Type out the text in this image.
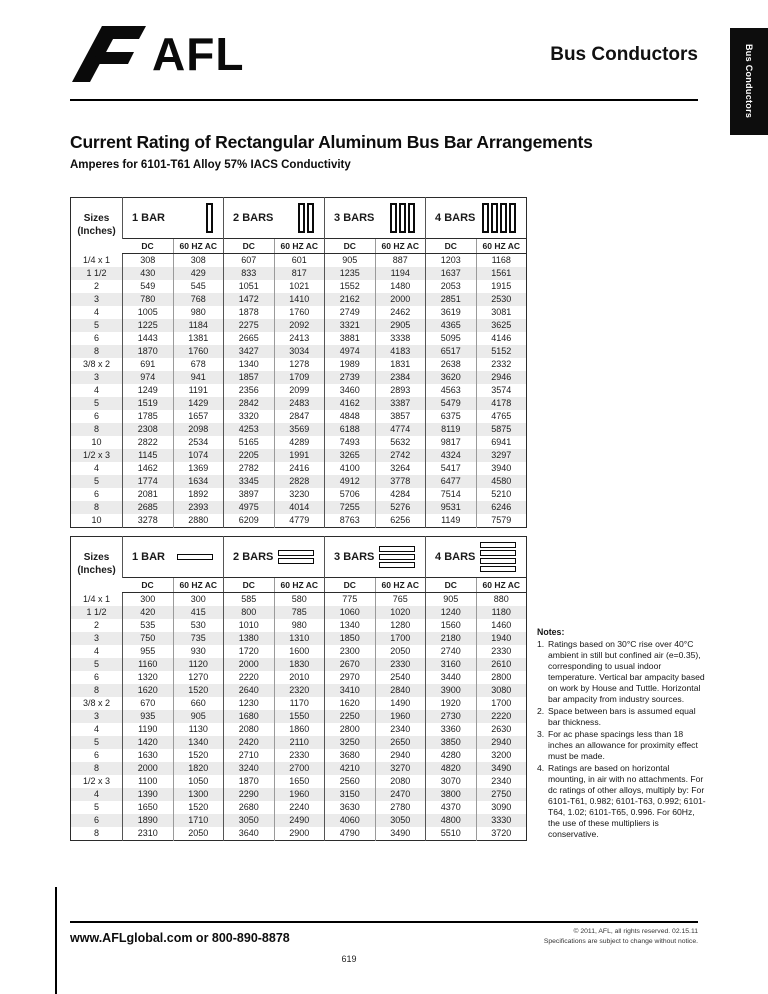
AFL	Bus Conductors	Bus Conductors
Current Rating of Rectangular Aluminum Bus Bar Arrangements
Amperes for 6101-T61 Alloy 57% IACS Conductivity
Sizes
(Inches)	1 BAR		2 BARS		3 BARS		4 BARS	

	DC	60 HZ AC	DC	60 HZ AC	DC	60 HZ AC	DC	60 HZ AC
1/4 x 1	308	308	607	601	905	887	1203	1168
1 1/2	430	429	833	817	1235	1194	1637	1561
2	549	545	1051	1021	1552	1480	2053	1915
3	780	768	1472	1410	2162	2000	2851	2530
4	1005	980	1878	1760	2749	2462	3619	3081
5	1225	1184	2275	2092	3321	2905	4365	3625
6	1443	1381	2665	2413	3881	3338	5095	4146
8	1870	1760	3427	3034	4974	4183	6517	5152
3/8 x 2	691	678	1340	1278	1989	1831	2638	2332
3	974	941	1857	1709	2739	2384	3620	2946
4	1249	1191	2356	2099	3460	2893	4563	3574
5	1519	1429	2842	2483	4162	3387	5479	4178
6	1785	1657	3320	2847	4848	3857	6375	4765
8	2308	2098	4253	3569	6188	4774	8119	5875
10	2822	2534	5165	4289	7493	5632	9817	6941
1/2 x 3	1145	1074	2205	1991	3265	2742	4324	3297
4	1462	1369	2782	2416	4100	3264	5417	3940
5	1774	1634	3345	2828	4912	3778	6477	4580
6	2081	1892	3897	3230	5706	4284	7514	5210
8	2685	2393	4975	4014	7255	5276	9531	6246
10	3278	2880	6209	4779	8763	6256	1149	7579
Sizes
(Inches)	1 BAR		2 BARS		3 BARS		4 BARS	

	DC	60 HZ AC	DC	60 HZ AC	DC	60 HZ AC	DC	60 HZ AC
1/4 x 1	300	300	585	580	775	765	905	880
1 1/2	420	415	800	785	1060	1020	1240	1180
2	535	530	1010	980	1340	1280	1560	1460
3	750	735	1380	1310	1850	1700	2180	1940
4	955	930	1720	1600	2300	2050	2740	2330
5	1160	1120	2000	1830	2670	2330	3160	2610
6	1320	1270	2220	2010	2970	2540	3440	2800
8	1620	1520	2640	2320	3410	2840	3900	3080
3/8 x 2	670	660	1230	1170	1620	1490	1920	1700
3	935	905	1680	1550	2250	1960	2730	2220
4	1190	1130	2080	1860	2800	2340	3360	2630
5	1420	1340	2420	2110	3250	2650	3850	2940
6	1630	1520	2710	2330	3680	2940	4280	3200
8	2000	1820	3240	2700	4210	3270	4820	3490
1/2 x 3	1100	1050	1870	1650	2560	2080	3070	2340
4	1390	1300	2290	1960	3150	2470	3800	2750
5	1650	1520	2680	2240	3630	2780	4370	3090
6	1890	1710	3050	2490	4060	3050	4800	3330
8	2310	2050	3640	2900	4790	3490	5510	3720
Notes:
1. Ratings based on 30°C rise over 40°C ambient in still but confined air (e=0.35), corresponding to usual indoor temperature. Vertical bar ampacity based on work by House and Tuttle. Horizontal bar ampacity from industry sources.
2. Space between bars is assumed equal bar thickness.
3. For ac phase spacings less than 18 inches an allowance for proximity effect must be made.
4. Ratings are based on horizontal mounting, in air with no attachments. For dc ratings of other alloys, multiply by: For 6101-T61, 0.982; 6101-T63, 0.992; 6101-T64, 1.02; 6101-T65, 0.996. For 60Hz, the use of these multipliers is conservative.
www.AFLglobal.com or 800-890-8878	© 2011, AFL, all rights reserved. 02.15.11
Specifications are subject to change without notice.
619
